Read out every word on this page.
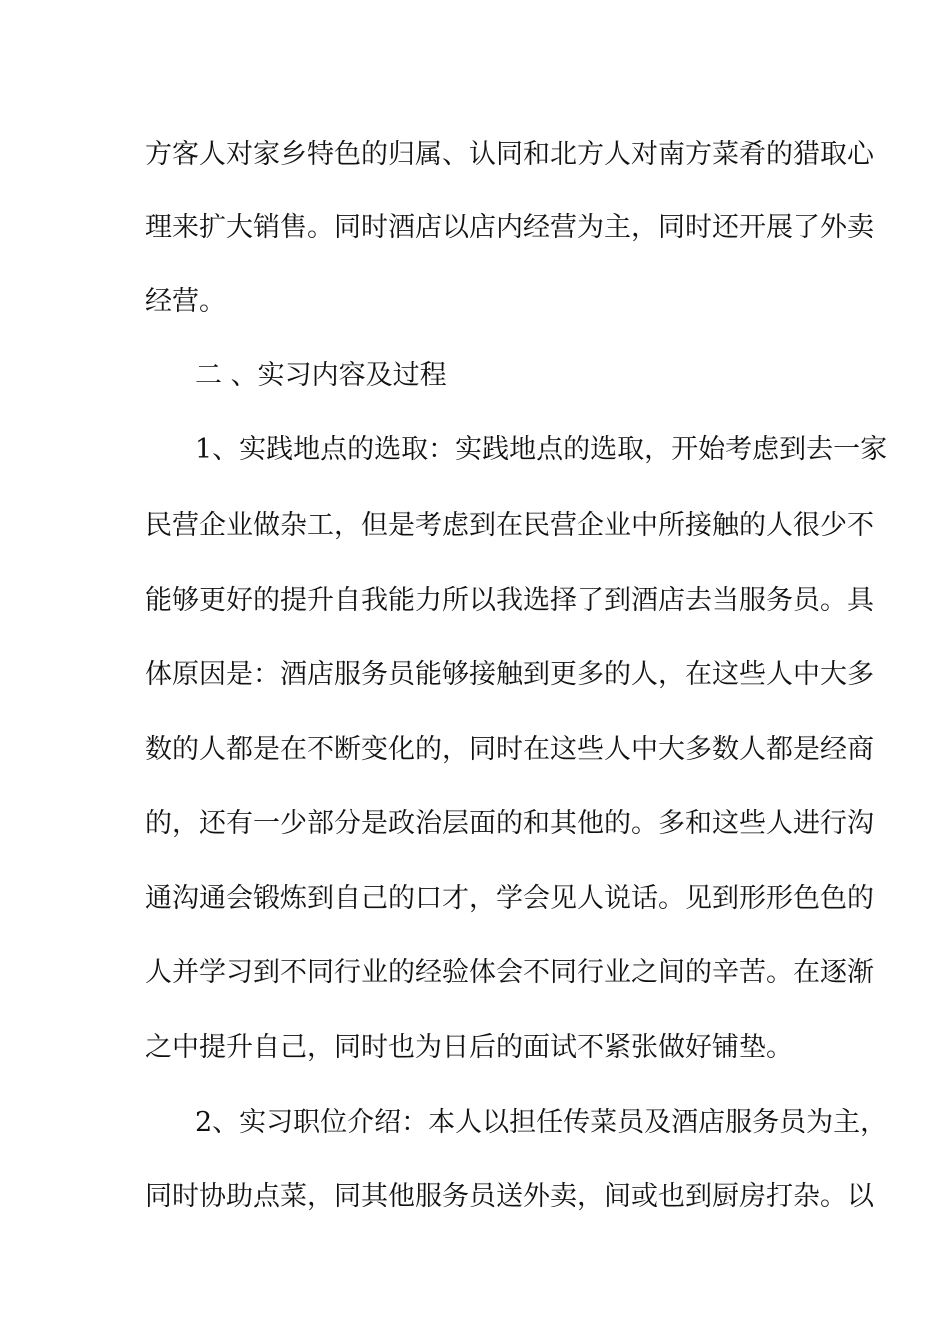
方客人对家乡特色的归属、认同和北方人对南方菜肴的猎取心
理来扩大销售。同时酒店以店内经营为主，同时还开展了外卖
经营。
二 、实习内容及过程
1、实践地点的选取：实践地点的选取，开始考虑到去一家
民营企业做杂工，但是考虑到在民营企业中所接触的人很少不
能够更好的提升自我能力所以我选择了到酒店去当服务员。具
体原因是：酒店服务员能够接触到更多的人，在这些人中大多
数的人都是在不断变化的，同时在这些人中大多数人都是经商
的，还有一少部分是政治层面的和其他的。多和这些人进行沟
通沟通会锻炼到自己的口才，学会见人说话。见到形形色色的
人并学习到不同行业的经验体会不同行业之间的辛苦。在逐渐
之中提升自己，同时也为日后的面试不紧张做好铺垫。
2、实习职位介绍：本人以担任传菜员及酒店服务员为主，
同时协助点菜，同其他服务员送外卖，间或也到厨房打杂。以
